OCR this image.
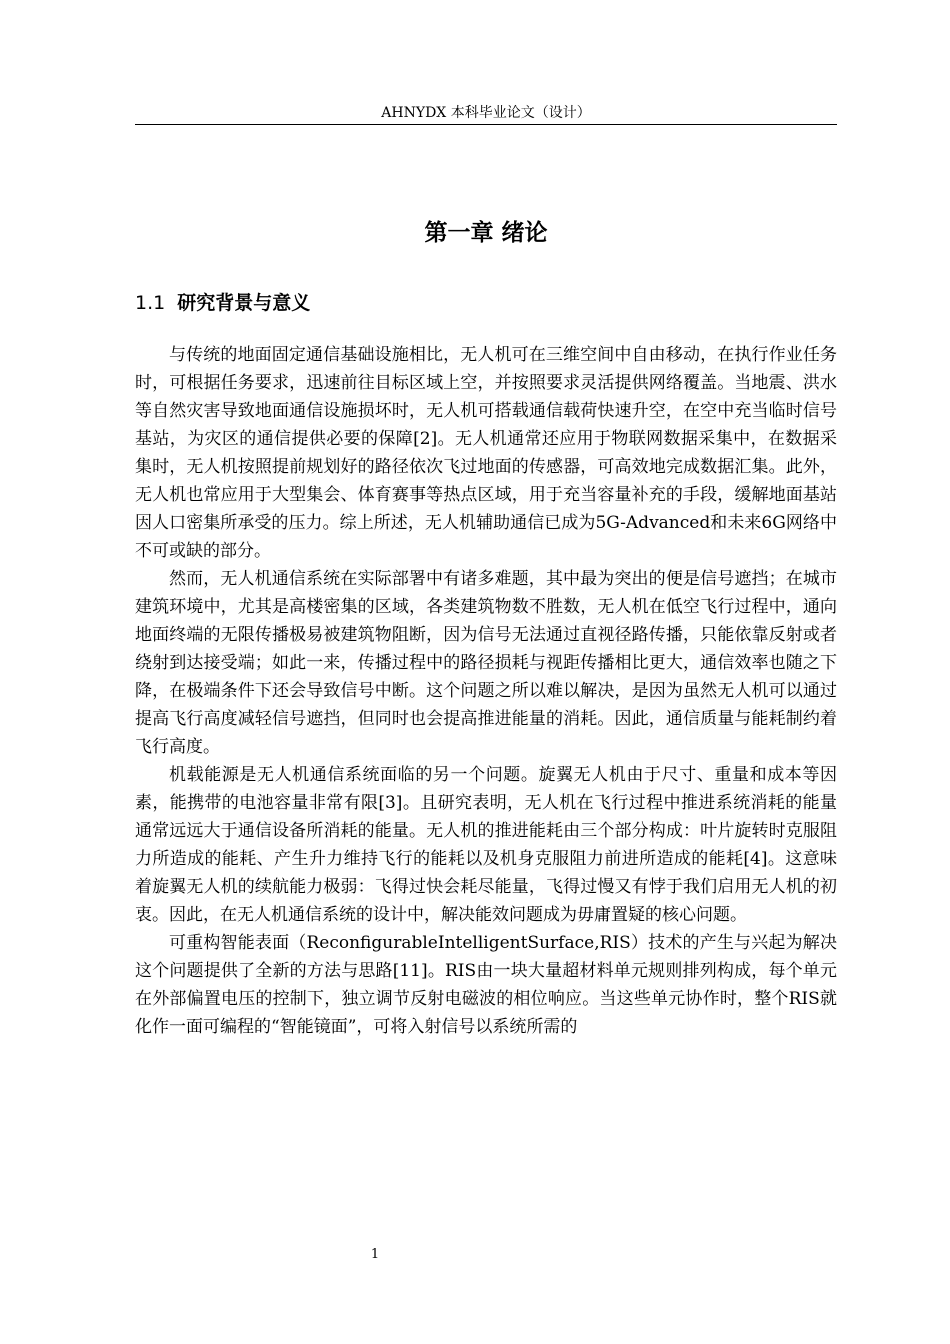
AHNYDX 本科毕业论文（设计）
第一章 绪论
1.1 研究背景与意义

与传统的地面固定通信基础设施相比，无人机可在三维空间中自由移动，在执行作业任务时，可根据任务要求，迅速前往目标区域上空，并按照要求灵活提供网络覆盖。当地震、洪水等自然灾害导致地面通信设施损坏时，无人机可搭载通信载荷快速升空，在空中充当临时信号基站，为灾区的通信提供必要的保障[2]。无人机通常还应用于物联网数据采集中，在数据采集时，无人机按照提前规划好的路径依次飞过地面的传感器，可高效地完成数据汇集。此外，无人机也常应用于大型集会、体育赛事等热点区域，用于充当容量补充的手段，缓解地面基站因人口密集所承受的压力。综上所述，无人机辅助通信已成为5G-Advanced和未来6G网络中不可或缺的部分。

然而，无人机通信系统在实际部署中有诸多难题，其中最为突出的便是信号遮挡；在城市建筑环境中，尤其是高楼密集的区域，各类建筑物数不胜数，无人机在低空飞行过程中，通向地面终端的无限传播极易被建筑物阻断，因为信号无法通过直视径路传播，只能依靠反射或者绕射到达接受端；如此一来，传播过程中的路径损耗与视距传播相比更大，通信效率也随之下降，在极端条件下还会导致信号中断。这个问题之所以难以解决，是因为虽然无人机可以通过提高飞行高度减轻信号遮挡，但同时也会提高推进能量的消耗。因此，通信质量与能耗制约着飞行高度。

机载能源是无人机通信系统面临的另一个问题。旋翼无人机由于尺寸、重量和成本等因素，能携带的电池容量非常有限[3]。且研究表明，无人机在飞行过程中推进系统消耗的能量通常远远大于通信设备所消耗的能量。无人机的推进能耗由三个部分构成：叶片旋转时克服阻力所造成的能耗、产生升力维持飞行的能耗以及机身克服阻力前进所造成的能耗[4]。这意味着旋翼无人机的续航能力极弱：飞得过快会耗尽能量，飞得过慢又有悖于我们启用无人机的初衷。因此，在无人机通信系统的设计中，解决能效问题成为毋庸置疑的核心问题。

可重构智能表面（ReconfigurableIntelligentSurface,RIS）技术的产生与兴起为解决这个问题提供了全新的方法与思路[11]。RIS由一块大量超材料单元规则排列构成，每个单元在外部偏置电压的控制下，独立调节反射电磁波的相位响应。当这些单元协作时，整个RIS就化作一面可编程的“智能镜面”，可将入射信号以系统所需的

1
